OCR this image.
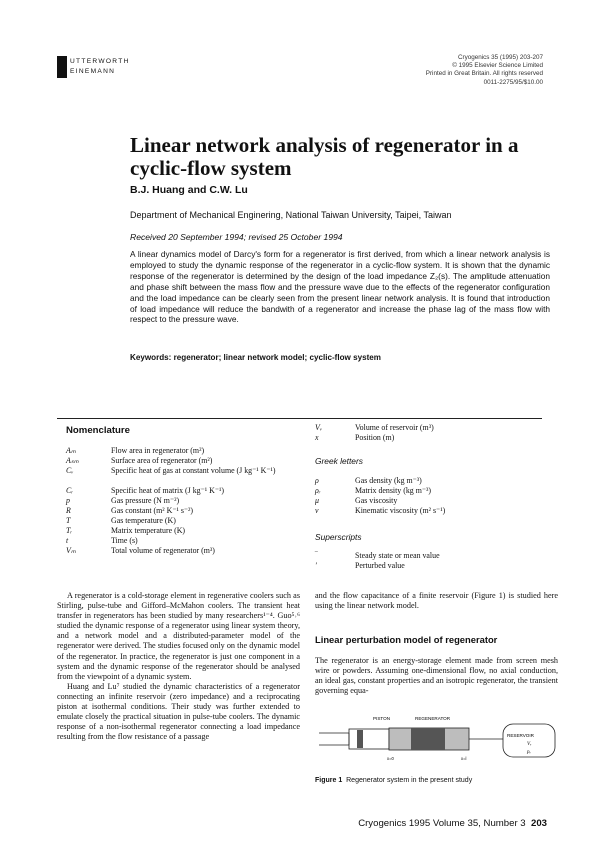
UTTERWORTH
EINEMANN
Cryogenics 35 (1995) 203-207
© 1995 Elsevier Science Limited
Printed in Great Britain. All rights reserved
0011-2275/95/$10.00
Linear network analysis of regenerator in a cyclic-flow system
B.J. Huang and C.W. Lu
Department of Mechanical Enginering, National Taiwan University, Taipei, Taiwan
Received 20 September 1994; revised 25 October 1994
A linear dynamics model of Darcy's form for a regenerator is first derived, from which a linear network analysis is employed to study the dynamic response of the regenerator in a cyclic-flow system. It is shown that the dynamic response of the regenerator is determined by the design of the load impedance Z₂(s). The amplitude attenuation and phase shift between the mass flow and the pressure wave due to the effects of the regenerator configuration and the load impedance can be clearly seen from the present linear network analysis. It is found that introduction of load impedance will reduce the bandwith of a regenerator and increase the phase lag of the mass flow with respect to the pressure wave.
Keywords: regenerator; linear network model; cyclic-flow system
Nomenclature
Aₘ	Flow area in regenerator (m²)
Aₛₘ	Surface area of regenerator (m²)
Cᵥ	Specific heat of gas at constant volume (J kg⁻¹ K⁻¹)
Cᵣ	Specific heat of matrix (J kg⁻¹ K⁻¹)
p	Gas pressure (N m⁻²)
R	Gas constant (m² K⁻¹ s⁻²)
T	Gas temperature (K)
Tᵣ	Matrix temperature (K)
t	Time (s)
Vₘ	Total volume of regenerator (m³)
Vᵥ	Volume of reservoir (m³)
x	Position (m)
Greek letters
ρ	Gas density (kg m⁻³)
ρᵣ	Matrix density (kg m⁻³)
μ	Gas viscosity
ν	Kinematic viscosity (m² s⁻¹)
Superscripts
‾	Steady state or mean value
′	Perturbed value
A regenerator is a cold-storage element in regenerative coolers such as Stirling, pulse-tube and Gifford–McMahon coolers. The transient heat transfer in regenerators has been studied by many researchers¹⁻⁴. Guo⁵˒⁶ studied the dynamic response of a regenerator using linear system theory, and a network model and a distributed-parameter model of the regenerator were derived. The studies focused only on the dynamic model of the regenerator. In practice, the regenerator is just one component in a system and the dynamic response of the regenerator should be analysed from the viewpoint of a dynamic system.
Huang and Lu⁷ studied the dynamic characteristics of a regenerator connecting an infinite reservoir (zero impedance) and a reciprocating piston at isothermal conditions. Their study was further extended to emulate closely the practical situation in pulse-tube coolers. The dynamic response of a non-isothermal regenerator connecting a load impedance resulting from the flow resistance of a passage
and the flow capacitance of a finite reservoir (Figure 1) is studied here using the linear network model.
Linear perturbation model of regenerator
The regenerator is an energy-storage element made from screen mesh wire or powders. Assuming one-dimensional flow, no axial conduction, an ideal gas, constant properties and an isotropic regenerator, the transient governing equa-
PISTON	REGENERATOR
RESERVOIR
Vᵥ
pᵥ
x=0	x=l
Figure 1 Regenerator system in the present study
Cryogenics 1995 Volume 35, Number 3 203
